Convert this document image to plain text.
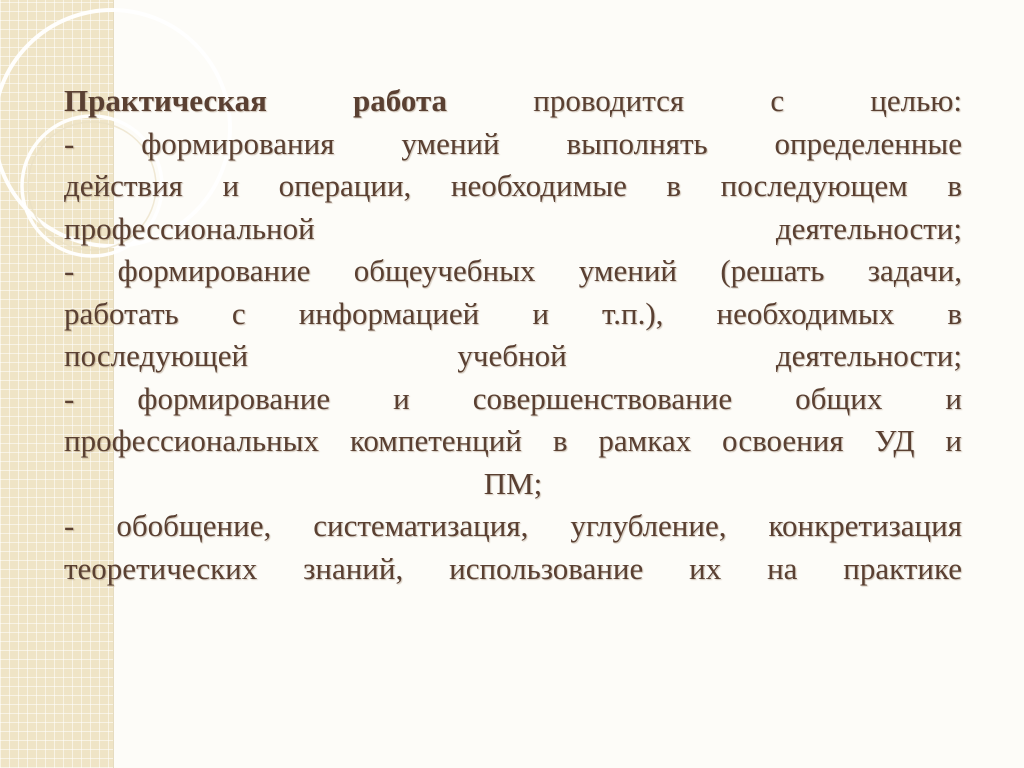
Практическая работа проводится с целью:
- формирования умений выполнять определенные
действия и операции, необходимые в последующем в
профессиональной деятельности;
- формирование общеучебных умений (решать задачи,
работать с информацией и т.п.), необходимых в
последующей учебной деятельности;
- формирование и совершенствование общих и
профессиональных компетенций в рамках освоения УД и
ПМ;
- обобщение, систематизация, углубление, конкретизация
теоретических знаний, использование их на практике
